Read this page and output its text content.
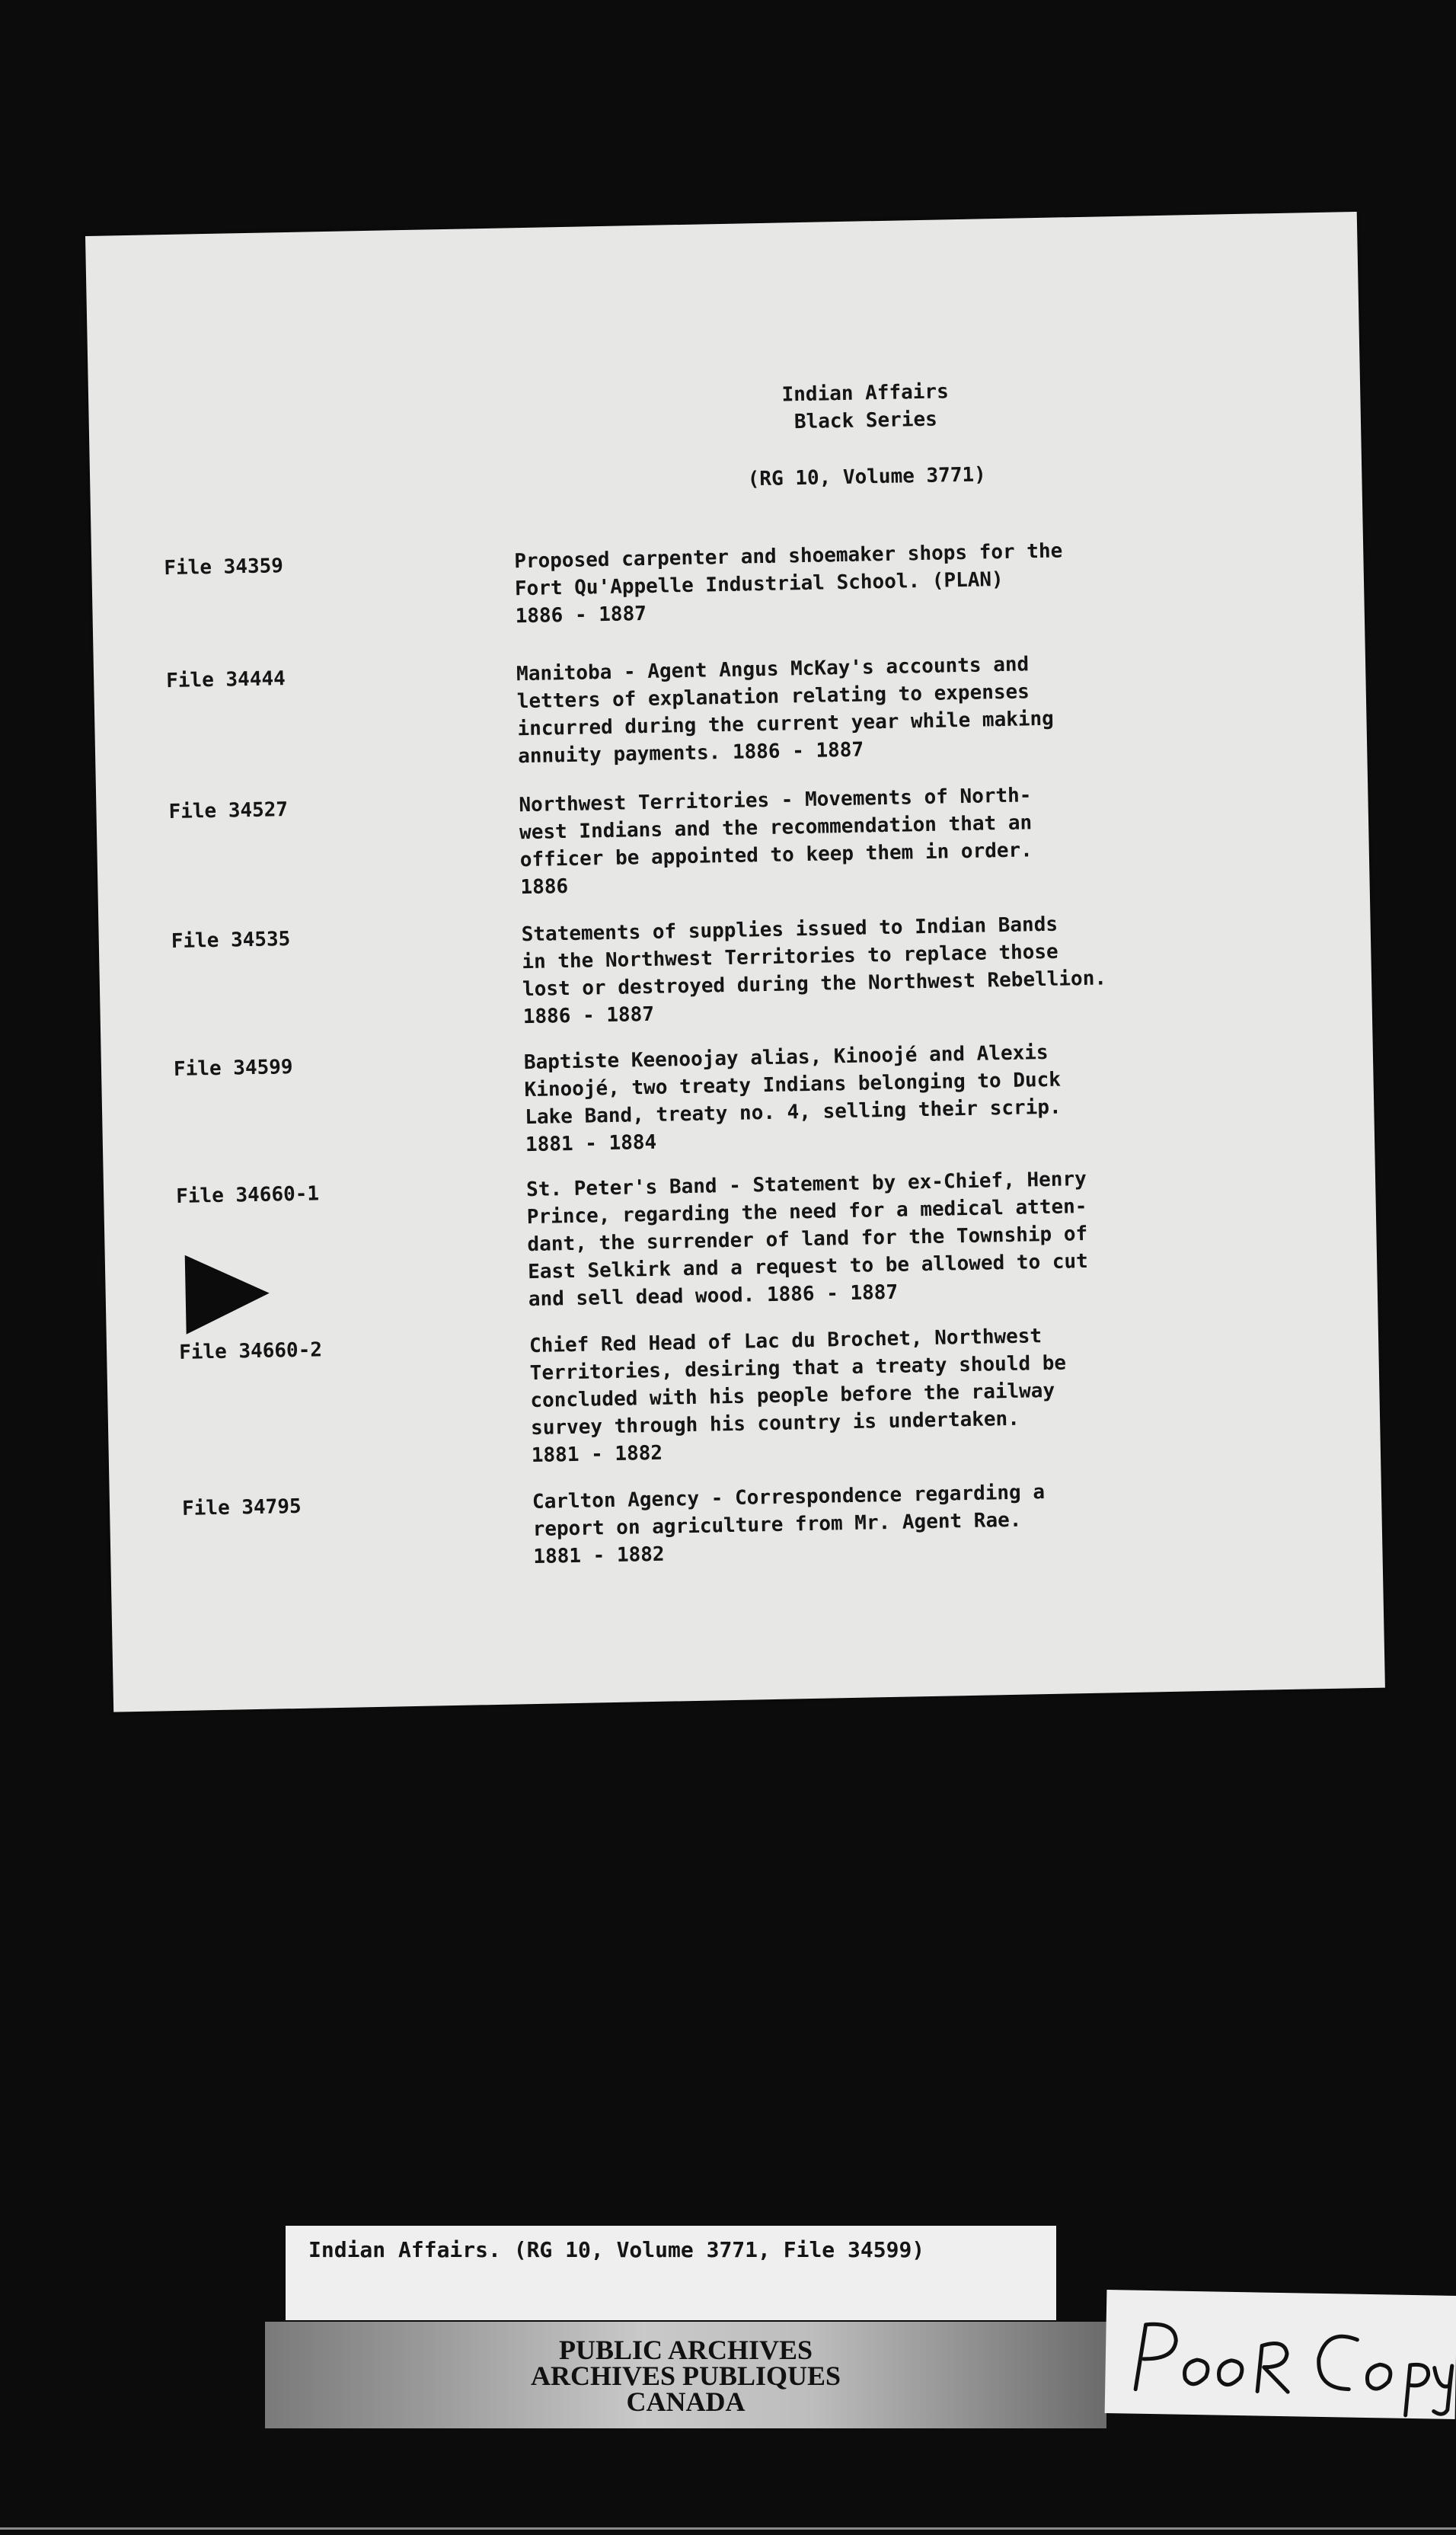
Indian Affairs
Black Series
(RG 10, Volume 3771)
File 34359	Proposed carpenter and shoemaker shops for the
Fort Qu'Appelle Industrial School. (PLAN)
1886 - 1887
File 34444	Manitoba - Agent Angus McKay's accounts and
letters of explanation relating to expenses
incurred during the current year while making
annuity payments. 1886 - 1887
File 34527	Northwest Territories - Movements of North-
west Indians and the recommendation that an
officer be appointed to keep them in order.
1886
File 34535	Statements of supplies issued to Indian Bands
in the Northwest Territories to replace those
lost or destroyed during the Northwest Rebellion.
1886 - 1887
File 34599	Baptiste Keenoojay alias, Kinoojé and Alexis
Kinoojé, two treaty Indians belonging to Duck
Lake Band, treaty no. 4, selling their scrip.
1881 - 1884
File 34660-1	St. Peter's Band - Statement by ex-Chief, Henry
Prince, regarding the need for a medical atten-
dant, the surrender of land for the Township of
East Selkirk and a request to be allowed to cut
and sell dead wood. 1886 - 1887
File 34660-2	Chief Red Head of Lac du Brochet, Northwest
Territories, desiring that a treaty should be
concluded with his people before the railway
survey through his country is undertaken.
1881 - 1882
File 34795	Carlton Agency - Correspondence regarding a
report on agriculture from Mr. Agent Rae.
1881 - 1882
Indian Affairs. (RG 10, Volume 3771, File 34599)
PUBLIC ARCHIVES
ARCHIVES PUBLIQUES
CANADA
